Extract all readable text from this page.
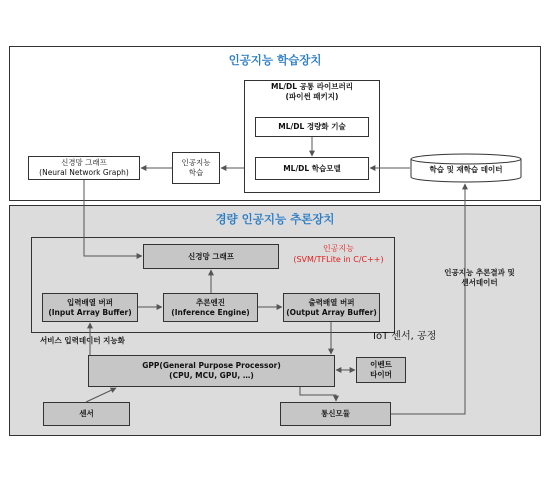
인공지능 학습장치
경량 인공지능 추론장치
ML/DL 공통 라이브러리
(파이썬 패키지)
ML/DL 경량화 기술
ML/DL 학습모델
인공지능
학습
신경망 그래프
(Neural Network Graph)	학습 및 재학습 데이터
인공지능
(SVM/TFLite in C/C++)
신경망 그래프
입력배열 버퍼
(Input Array Buffer)
추론엔진
(Inference Engine)
출력배열 버퍼
(Output Array Buffer)
서비스 입력데이터 지능화
GPP(General Purpose Processor)
(CPU, MCU, GPU, …)
이벤트
타이머
센서	통신모듈
인공지능 추론결과 및
센서데이터
IoT 센서, 공정
